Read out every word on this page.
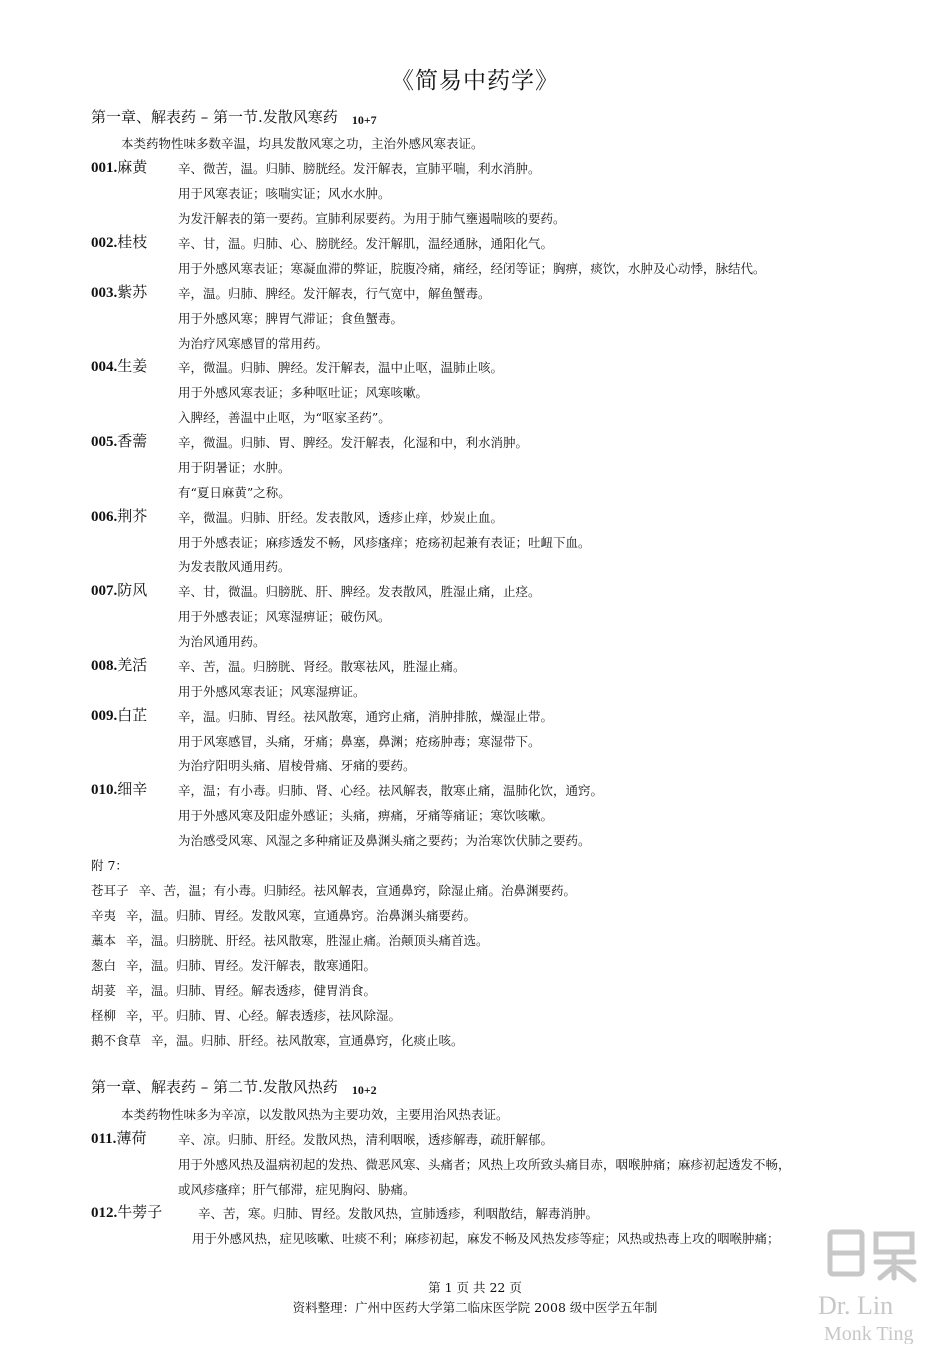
《简易中药学》
第一章、解表药 – 第一节.发散风寒药 10+7
本类药物性味多数辛温，均具发散风寒之功，主治外感风寒表证。
001.麻黄 辛、微苦，温。归肺、膀胱经。发汗解表，宣肺平喘，利水消肿。
用于风寒表证；咳喘实证；风水水肿。
为发汗解表的第一要药。宣肺利尿要药。为用于肺气壅遏喘咳的要药。
002.桂枝 辛、甘，温。归肺、心、膀胱经。发汗解肌，温经通脉，通阳化气。
用于外感风寒表证；寒凝血滞的弊证，脘腹冷痛，痛经，经闭等证；胸痹，痰饮，水肿及心动悸，脉结代。
003.紫苏 辛，温。归肺、脾经。发汗解表，行气宽中，解鱼蟹毒。
用于外感风寒；脾胃气滞证；食鱼蟹毒。
为治疗风寒感冒的常用药。
004.生姜 辛，微温。归肺、脾经。发汗解表，温中止呕，温肺止咳。
用于外感风寒表证；多种呕吐证；风寒咳嗽。
入脾经，善温中止呕，为“呕家圣药”。
005.香薷 辛，微温。归肺、胃、脾经。发汗解表，化湿和中，利水消肿。
用于阴暑证；水肿。
有“夏日麻黄”之称。
006.荆芥 辛，微温。归肺、肝经。发表散风，透疹止痒，炒炭止血。
用于外感表证；麻疹透发不畅，风疹瘙痒；疮疡初起兼有表证；吐衄下血。
为发表散风通用药。
007.防风 辛、甘，微温。归膀胱、肝、脾经。发表散风，胜湿止痛，止痉。
用于外感表证；风寒湿痹证；破伤风。
为治风通用药。
008.羌活 辛、苦，温。归膀胱、肾经。散寒祛风，胜湿止痛。
用于外感风寒表证；风寒湿痹证。
009.白芷 辛，温。归肺、胃经。祛风散寒，通窍止痛，消肿排脓，燥湿止带。
用于风寒感冒，头痛，牙痛；鼻塞，鼻渊；疮疡肿毒；寒湿带下。
为治疗阳明头痛、眉棱骨痛、牙痛的要药。
010.细辛 辛，温；有小毒。归肺、肾、心经。祛风解表，散寒止痛，温肺化饮，通窍。
用于外感风寒及阳虚外感证；头痛，痹痛，牙痛等痛证；寒饮咳嗽。
为治感受风寒、风湿之多种痛证及鼻渊头痛之要药；为治寒饮伏肺之要药。
附 7：
苍耳子 辛、苦，温；有小毒。归肺经。祛风解表，宣通鼻窍，除湿止痛。治鼻渊要药。
辛夷 辛，温。归肺、胃经。发散风寒，宣通鼻窍。治鼻渊头痛要药。
藁本 辛，温。归膀胱、肝经。祛风散寒，胜湿止痛。治颠顶头痛首选。
葱白 辛，温。归肺、胃经。发汗解表，散寒通阳。
胡荽 辛，温。归肺、胃经。解表透疹，健胃消食。
柽柳 辛，平。归肺、胃、心经。解表透疹，祛风除湿。
鹅不食草 辛，温。归肺、肝经。祛风散寒，宣通鼻窍，化痰止咳。
第一章、解表药 – 第二节.发散风热药 10+2
本类药物性味多为辛凉，以发散风热为主要功效，主要用治风热表证。
011.薄荷	辛、凉。归肺、肝经。发散风热，清利咽喉，透疹解毒，疏肝解郁。
用于外感风热及温病初起的发热、微恶风寒、头痛者；风热上攻所致头痛目赤，咽喉肿痛；麻疹初起透发不畅，
或风疹瘙痒；肝气郁滞，症见胸闷、胁痛。
012.牛蒡子	辛、苦，寒。归肺、胃经。发散风热，宣肺透疹，利咽散结，解毒消肿。
用于外感风热，症见咳嗽、吐痰不利；麻疹初起，麻发不畅及风热发疹等症；风热或热毒上攻的咽喉肿痛；
第 1 页 共 22 页
资料整理：广州中医药大学第二临床医学院 2008 级中医学五年制	Dr. Lin
Monk Ting
